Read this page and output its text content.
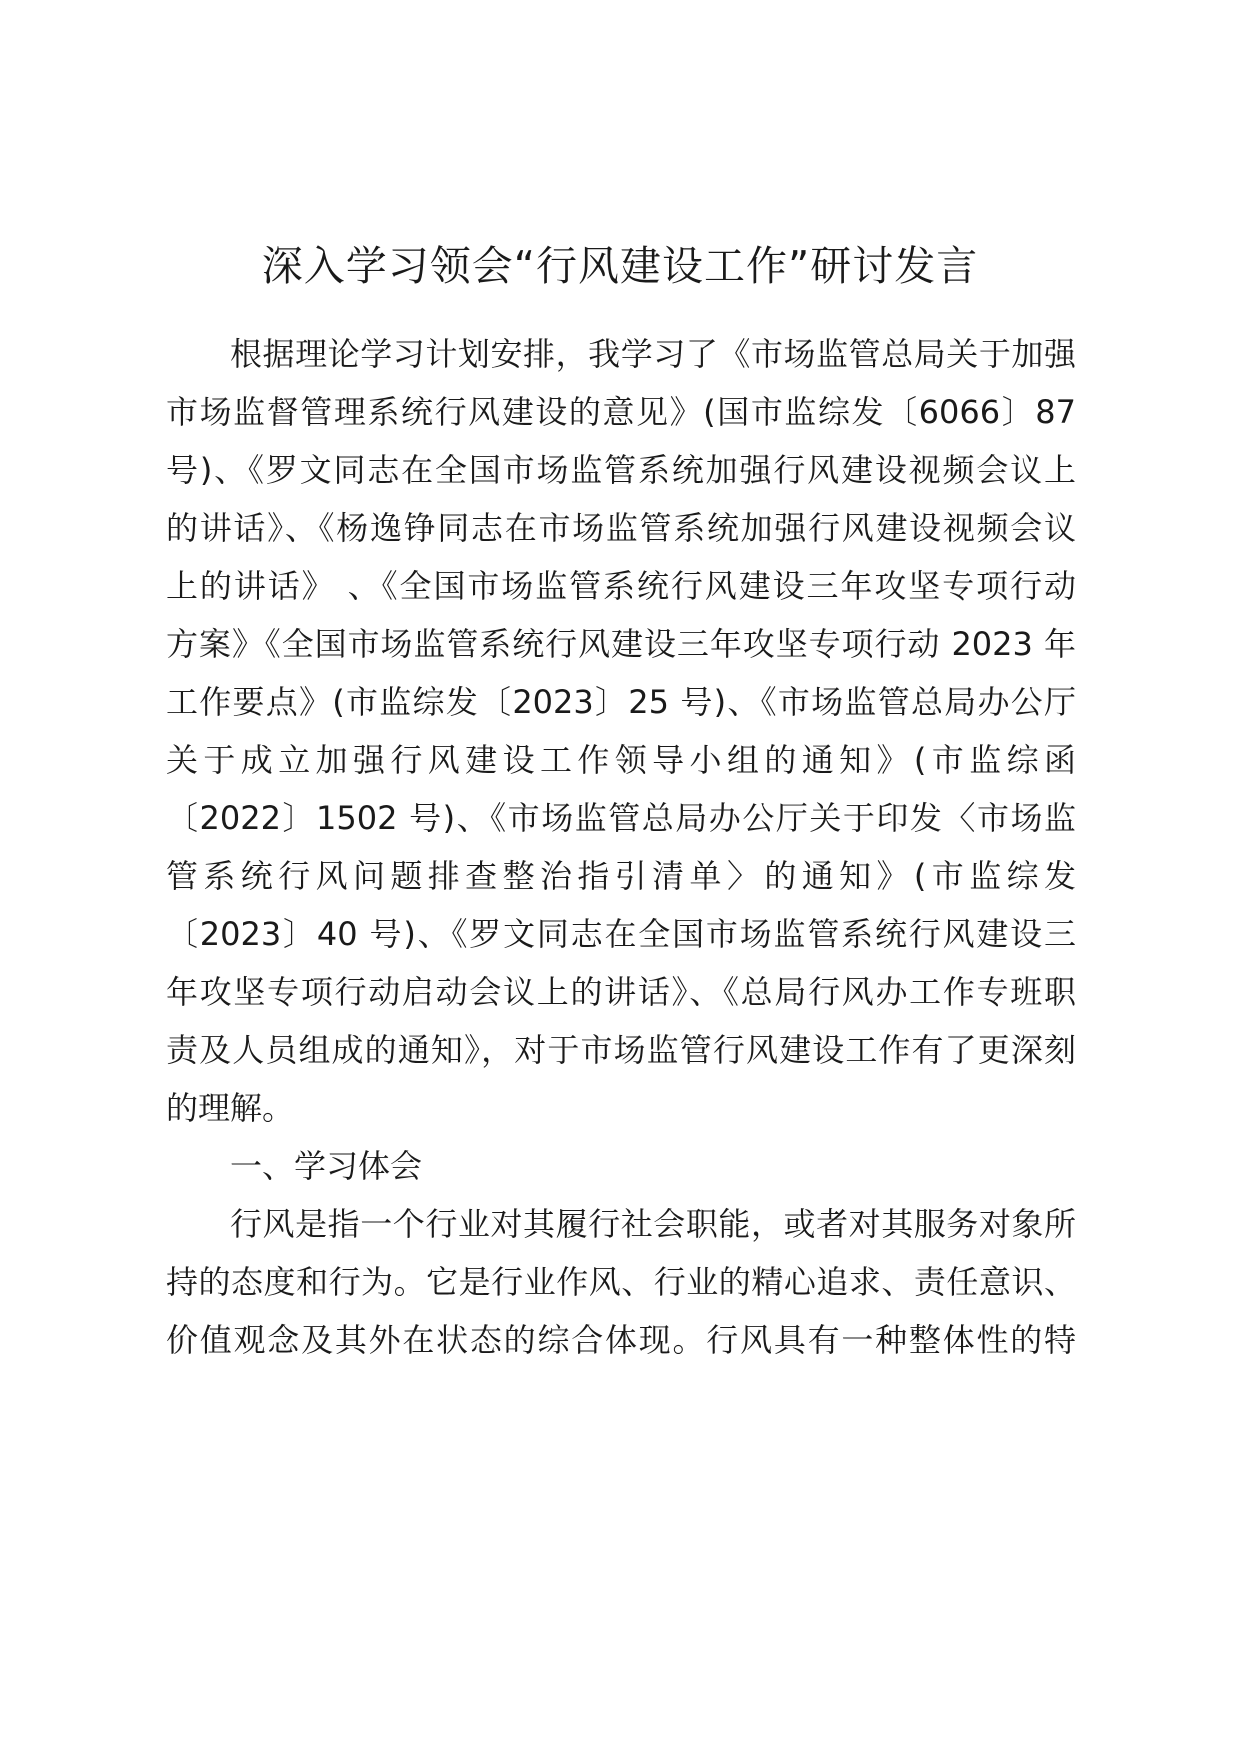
深入学习领会“行风建设工作”研讨发言
根据理论学习计划安排，我学习了《市场监管总局关于加强
市场监督管理系统行风建设的意见》(国市监综发〔6066〕87
号)、《罗文同志在全国市场监管系统加强行风建设视频会议上
的讲话》、《杨逸铮同志在市场监管系统加强行风建设视频会议
上的讲话》 、《全国市场监管系统行风建设三年攻坚专项行动
方案》《全国市场监管系统行风建设三年攻坚专项行动 2023 年
工作要点》(市监综发〔2023〕25 号)、《市场监管总局办公厅
关于成立加强行风建设工作领导小组的通知》(市监综函
〔2022〕1502 号)、《市场监管总局办公厅关于印发〈市场监
管系统行风问题排查整治指引清单〉的通知》(市监综发
〔2023〕40 号)、《罗文同志在全国市场监管系统行风建设三
年攻坚专项行动启动会议上的讲话》、《总局行风办工作专班职
责及人员组成的通知》，对于市场监管行风建设工作有了更深刻
的理解。
一、学习体会
行风是指一个行业对其履行社会职能，或者对其服务对象所
持的态度和行为。它是行业作风、行业的精心追求、责任意识、
价值观念及其外在状态的综合体现。行风具有一种整体性的特
